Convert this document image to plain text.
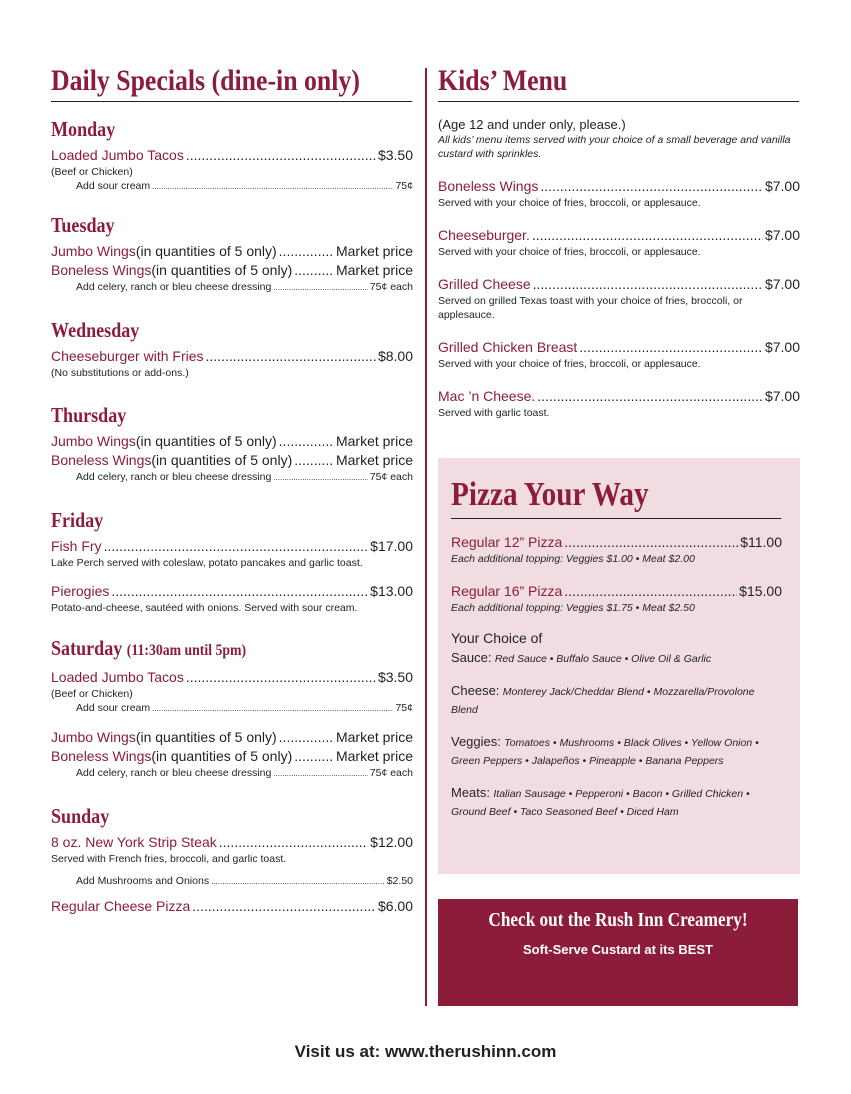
Daily Specials (dine-in only)
Monday
Loaded Jumbo Tacos .....	$3.50
(Beef or Chicken)
Add sour cream .....	75¢
Tuesday
Jumbo Wings (in quantities of 5 only) .....	Market price
Boneless Wings (in quantities of 5 only) .....	Market price
Add celery, ranch or bleu cheese dressing .....	75¢ each
Wednesday
Cheeseburger with Fries .....	$8.00
(No substitutions or add-ons.)
Thursday
Jumbo Wings (in quantities of 5 only) .....	Market price
Boneless Wings (in quantities of 5 only) .....	Market price
Add celery, ranch or bleu cheese dressing .....	75¢ each
Friday
Fish Fry .....	$17.00
Lake Perch served with coleslaw, potato pancakes and garlic toast.
Pierogies .....	$13.00
Potato-and-cheese, sautéed with onions. Served with sour cream.
Saturday (11:30am until 5pm)
Loaded Jumbo Tacos .....	$3.50
(Beef or Chicken)
Add sour cream .....	75¢
Jumbo Wings (in quantities of 5 only) .....	Market price
Boneless Wings (in quantities of 5 only) .....	Market price
Add celery, ranch or bleu cheese dressing .....	75¢ each
Sunday
8 oz. New York Strip Steak .....	$12.00
Served with French fries, broccoli, and garlic toast.
Add Mushrooms and Onions .....	$2.50
Regular Cheese Pizza .....	$6.00
Kids’ Menu
(Age 12 and under only, please.)
All kids’ menu items served with your choice of a small beverage and vanilla custard with sprinkles.
Boneless Wings .....	$7.00
Served with your choice of fries, broccoli, or applesauce.
Cheeseburger. .....	$7.00
Served with your choice of fries, broccoli, or applesauce.
Grilled Cheese .....	$7.00
Served on grilled Texas toast with your choice of fries, broccoli, or applesauce.
Grilled Chicken Breast .....	$7.00
Served with your choice of fries, broccoli, or applesauce.
Mac ’n Cheese. .....	$7.00
Served with garlic toast.
Pizza Your Way
Regular 12” Pizza .....	$11.00
Each additional topping: Veggies $1.00 • Meat $2.00
Regular 16” Pizza .....	$15.00
Each additional topping: Veggies $1.75 • Meat $2.50
Your Choice of
Sauce: Red Sauce • Buffalo Sauce • Olive Oil & Garlic
Cheese: Monterey Jack/Cheddar Blend • Mozzarella/Provolone Blend
Veggies: Tomatoes • Mushrooms • Black Olives • Yellow Onion • Green Peppers • Jalapeños • Pineapple • Banana Peppers
Meats: Italian Sausage • Pepperoni • Bacon • Grilled Chicken • Ground Beef • Taco Seasoned Beef • Diced Ham
Check out the Rush Inn Creamery!
Soft-Serve Custard at its BEST
Visit us at: www.therushinn.com
